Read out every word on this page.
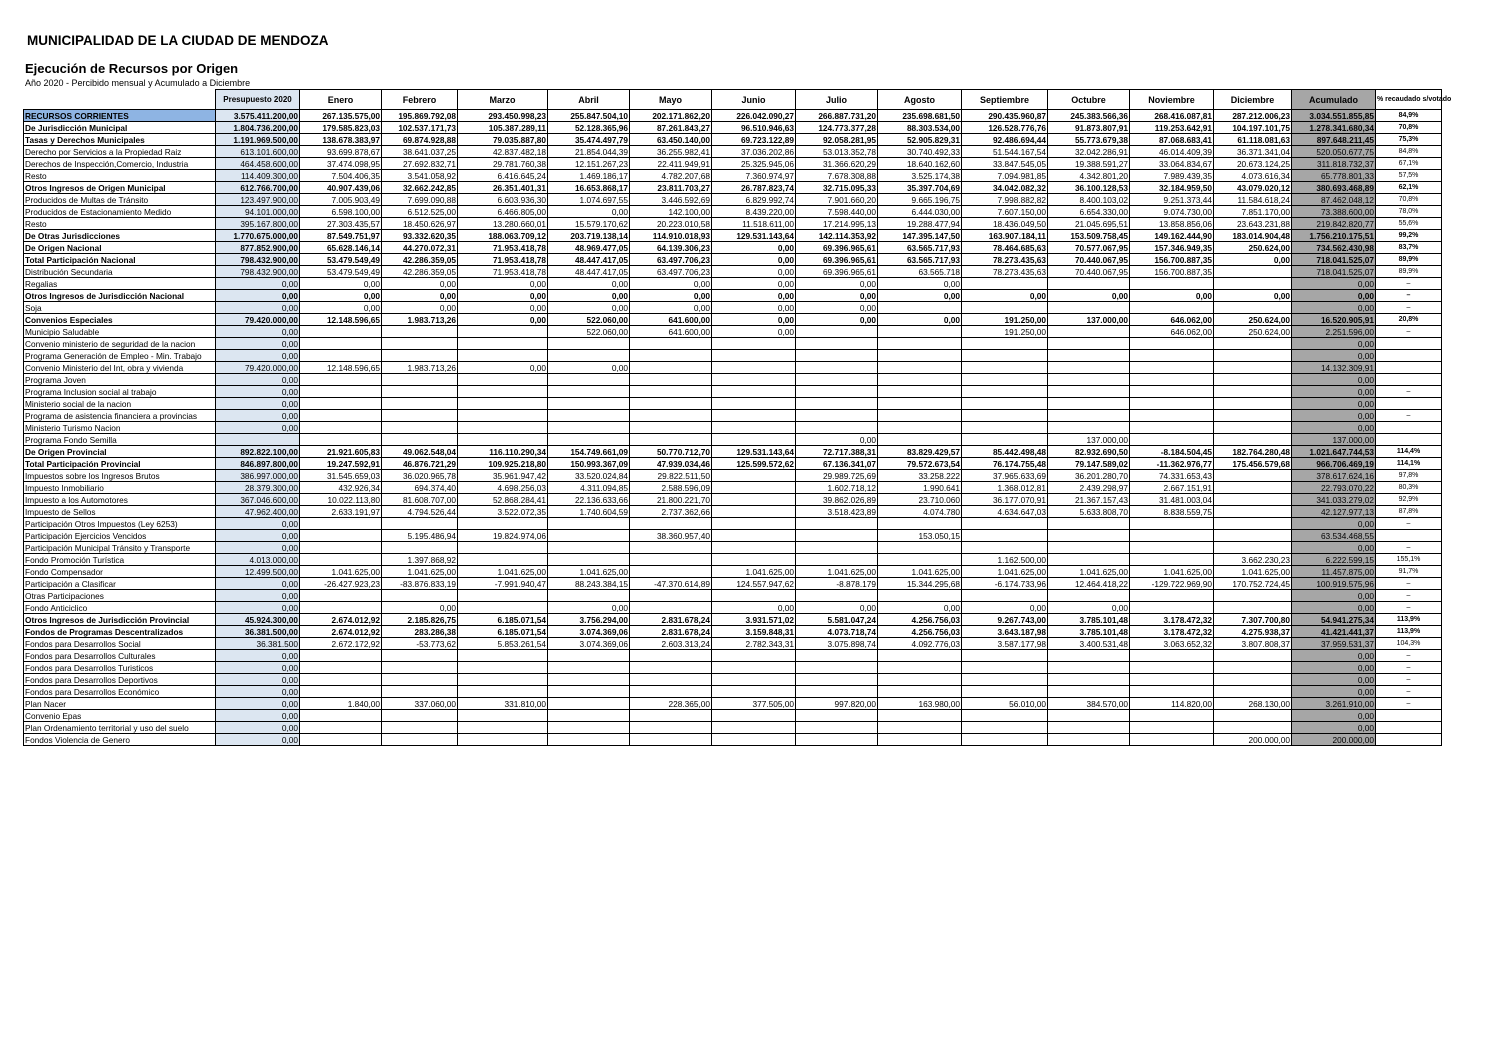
MUNICIPALIDAD DE LA CIUDAD DE MENDOZA
Ejecución de Recursos por Origen
Año 2020 - Percibido mensual y Acumulado a Diciembre
	Presupuesto 2020	Enero	Febrero	Marzo	Abril	Mayo	Junio	Julio	Agosto	Septiembre	Octubre	Noviembre	Diciembre	Acumulado	% recaudado s/votado
RECURSOS CORRIENTES	3.575.411.200,00	267.135.575,00	195.869.792,08	293.450.998,23	255.847.504,10	202.171.862,20	226.042.090,27	266.887.731,20	235.698.681,50	290.435.960,87	245.383.566,36	268.416.087,81	287.212.006,23	3.034.551.855,85	84,9%
De Jurisdicción Municipal	1.804.736.200,00	179.585.823,03	102.537.171,73	105.387.289,11	52.128.365,96	87.261.843,27	96.510.946,63	124.773.377,28	88.303.534,00	126.528.776,76	91.873.807,91	119.253.642,91	104.197.101,75	1.278.341.680,34	70,8%
Tasas y Derechos Municipales	1.191.969.500,00	138.678.383,97	69.874.928,88	79.035.887,80	35.474.497,79	63.450.140,00	69.723.122,89	92.058.281,95	52.905.829,31	92.486.694,44	55.773.679,38	87.068.683,41	61.118.081,63	897.648.211,45	75,3%
Derecho por Servicios a la Propiedad Raiz	613.101.600,00	93.699.878,67	38.641.037,25	42.837.482,18	21.854.044,39	36.255.982,41	37.036.202,86	53.013.352,78	30.740.492,33	51.544.167,54	32.042.286,91	46.014.409,39	36.371.341,04	520.050.677,75	84,8%
Derechos de Inspección,Comercio, Industria	464.458.600,00	37.474.098,95	27.692.832,71	29.781.760,38	12.151.267,23	22.411.949,91	25.325.945,06	31.366.620,29	18.640.162,60	33.847.545,05	19.388.591,27	33.064.834,67	20.673.124,25	311.818.732,37	67,1%
Resto	114.409.300,00	7.504.406,35	3.541.058,92	6.416.645,24	1.469.186,17	4.782.207,68	7.360.974,97	7.678.308,88	3.525.174,38	7.094.981,85	4.342.801,20	7.989.439,35	4.073.616,34	65.778.801,33	57,5%
Otros Ingresos de Origen Municipal	612.766.700,00	40.907.439,06	32.662.242,85	26.351.401,31	16.653.868,17	23.811.703,27	26.787.823,74	32.715.095,33	35.397.704,69	34.042.082,32	36.100.128,53	32.184.959,50	43.079.020,12	380.693.468,89	62,1%
Producidos de Multas de Tránsito	123.497.900,00	7.005.903,49	7.699.090,88	6.603.936,30	1.074.697,55	3.446.592,69	6.829.992,74	7.901.660,20	9.665.196,75	7.998.882,82	8.400.103,02	9.251.373,44	11.584.618,24	87.462.048,12	70,8%
Producidos de Estacionamiento Medido	94.101.000,00	6.598.100,00	6.512.525,00	6.466.805,00	0,00	142.100,00	8.439.220,00	7.598.440,00	6.444.030,00	7.607.150,00	6.654.330,00	9.074.730,00	7.851.170,00	73.388.600,00	78,0%
Resto	395.167.800,00	27.303.435,57	18.450.626,97	13.280.660,01	15.579.170,62	20.223.010,58	11.518.611,00	17.214.995,13	19.288.477,94	18.436.049,50	21.045.695,51	13.858.856,06	23.643.231,88	219.842.820,77	55,6%
De Otras Jurisdicciones	1.770.675.000,00	87.549.751,97	93.332.620,35	188.063.709,12	203.719.138,14	114.910.018,93	129.531.143,64	142.114.353,92	147.395.147,50	163.907.184,11	153.509.758,45	149.162.444,90	183.014.904,48	1.756.210.175,51	99,2%
De Origen Nacional	877.852.900,00	65.628.146,14	44.270.072,31	71.953.418,78	48.969.477,05	64.139.306,23	0,00	69.396.965,61	63.565.717,93	78.464.685,63	70.577.067,95	157.346.949,35	250.624,00	734.562.430,98	83,7%
Total Participación Nacional	798.432.900,00	53.479.549,49	42.286.359,05	71.953.418,78	48.447.417,05	63.497.706,23	0,00	69.396.965,61	63.565.717,93	78.273.435,63	70.440.067,95	156.700.887,35	0,00	718.041.525,07	89,9%
Distribución Secundaria	798.432.900,00	53.479.549,49	42.286.359,05	71.953.418,78	48.447.417,05	63.497.706,23	0,00	69.396.965,61	63.565.718	78.273.435,63	70.440.067,95	156.700.887,35		718.041.525,07	89,9%
Regalias	0,00	0,00	0,00	0,00	0,00	0,00	0,00	0,00	0,00					0,00	–
Otros Ingresos de Jurisdicción Nacional	0,00	0,00	0,00	0,00	0,00	0,00	0,00	0,00	0,00	0,00	0,00	0,00	0,00	0,00	–
Soja	0,00	0,00	0,00	0,00	0,00	0,00	0,00	0,00						0,00	–
Convenios Especiales	79.420.000,00	12.148.596,65	1.983.713,26	0,00	522.060,00	641.600,00	0,00	0,00	0,00	191.250,00	137.000,00	646.062,00	250.624,00	16.520.905,91	20,8%
Municipio Saludable	0,00				522.060,00	641.600,00	0,00			191.250,00		646.062,00	250.624,00	2.251.596,00	–
Convenio ministerio de seguridad de la nacion	0,00													0,00	
Programa Generación de Empleo - Min. Trabajo	0,00													0,00	
Convenio Ministerio del Int, obra y vivienda	79.420.000,00	12.148.596,65	1.983.713,26	0,00	0,00									14.132.309,91	
Programa Joven	0,00													0,00	
Programa Inclusion social al trabajo	0,00													0,00	–
Ministerio social de la nacion	0,00													0,00	
Programa de asistencia financiera a provincias	0,00													0,00	–
Ministerio Turismo Nacion	0,00													0,00	
Programa Fondo Semilla								0,00			137.000,00			137.000,00	
De Origen Provincial	892.822.100,00	21.921.605,83	49.062.548,04	116.110.290,34	154.749.661,09	50.770.712,70	129.531.143,64	72.717.388,31	83.829.429,57	85.442.498,48	82.932.690,50	-8.184.504,45	182.764.280,48	1.021.647.744,53	114,4%
Total Participación Provincial	846.897.800,00	19.247.592,91	46.876.721,29	109.925.218,80	150.993.367,09	47.939.034,46	125.599.572,62	67.136.341,07	79.572.673,54	76.174.755,48	79.147.589,02	-11.362.976,77	175.456.579,68	966.706.469,19	114,1%
Impuestos sobre los Ingresos Brutos	386.997.000,00	31.545.659,03	36.020.965,78	35.961.947,42	33.520.024,84	29.822.511,50		29.989.725,69	33.258.222	37.965.633,69	36.201.280,70	74.331.653,43		378.617.624,16	97,8%
Impuesto Inmobiliario	28.379.300,00	432.926,34	694.374,40	4.698.256,03	4.311.094,85	2.588.596,09		1.602.718,12	1.990.641	1.368.012,81	2.439.298,97	2.667.151,91		22.793.070,22	80,3%
Impuesto a los Automotores	367.046.600,00	10.022.113,80	81.608.707,00	52.868.284,41	22.136.633,66	21.800.221,70		39.862.026,89	23.710.060	36.177.070,91	21.367.157,43	31.481.003,04		341.033.279,02	92,9%
Impuesto de Sellos	47.962.400,00	2.633.191,97	4.794.526,44	3.522.072,35	1.740.604,59	2.737.362,66		3.518.423,89	4.074.780	4.634.647,03	5.633.808,70	8.838.559,75		42.127.977,13	87,8%
Participación Otros Impuestos (Ley 6253)	0,00													0,00	–
Participación Ejercicios Vencidos	0,00		5.195.486,94	19.824.974,06		38.360.957,40			153.050,15					63.534.468,55	
Participación Municipal Tránsito y Transporte	0,00													0,00	–
Fondo Promoción Turística	4.013.000,00		1.397.868,92							1.162.500,00			3.662.230,23	6.222.599,15	155,1%
Fondo Compensador	12.499.500,00	1.041.625,00	1.041.625,00	1.041.625,00	1.041.625,00		1.041.625,00	1.041.625,00	1.041.625,00	1.041.625,00	1.041.625,00	1.041.625,00	1.041.625,00	11.457.875,00	91,7%
Participación a Clasificar	0,00	-26.427.923,23	-83.876.833,19	-7.991.940,47	88.243.384,15	-47.370.614,89	124.557.947,62	-8.878.179	15.344.295,68	-6.174.733,96	12.464.418,22	-129.722.969,90	170.752.724,45	100.919.575,96	–
Otras Participaciones	0,00													0,00	–
Fondo Anticiclico	0,00		0,00		0,00		0,00	0,00	0,00	0,00	0,00			0,00	–
Otros Ingresos de Jurisdicción Provincial	45.924.300,00	2.674.012,92	2.185.826,75	6.185.071,54	3.756.294,00	2.831.678,24	3.931.571,02	5.581.047,24	4.256.756,03	9.267.743,00	3.785.101,48	3.178.472,32	7.307.700,80	54.941.275,34	113,9%
Fondos de Programas Descentralizados	36.381.500,00	2.674.012,92	283.286,38	6.185.071,54	3.074.369,06	2.831.678,24	3.159.848,31	4.073.718,74	4.256.756,03	3.643.187,98	3.785.101,48	3.178.472,32	4.275.938,37	41.421.441,37	113,9%
Fondos para Desarrollos Social	36.381.500	2.672.172,92	-53.773,62	5.853.261,54	3.074.369,06	2.603.313,24	2.782.343,31	3.075.898,74	4.092.776,03	3.587.177,98	3.400.531,48	3.063.652,32	3.807.808,37	37.959.531,37	104,3%
Fondos para Desarrollos Culturales	0,00													0,00	–
Fondos para Desarrollos Turisticos	0,00													0,00	–
Fondos para Desarrollos Deportivos	0,00													0,00	–
Fondos para Desarrollos Económico	0,00													0,00	–
Plan Nacer	0,00	1.840,00	337.060,00	331.810,00		228.365,00	377.505,00	997.820,00	163.980,00	56.010,00	384.570,00	114.820,00	268.130,00	3.261.910,00	–
Convenio Epas	0,00													0,00	
Plan Ordenamiento territorial y uso del suelo	0,00													0,00	
Fondos Violencia de Genero	0,00												200.000,00	200.000,00	
